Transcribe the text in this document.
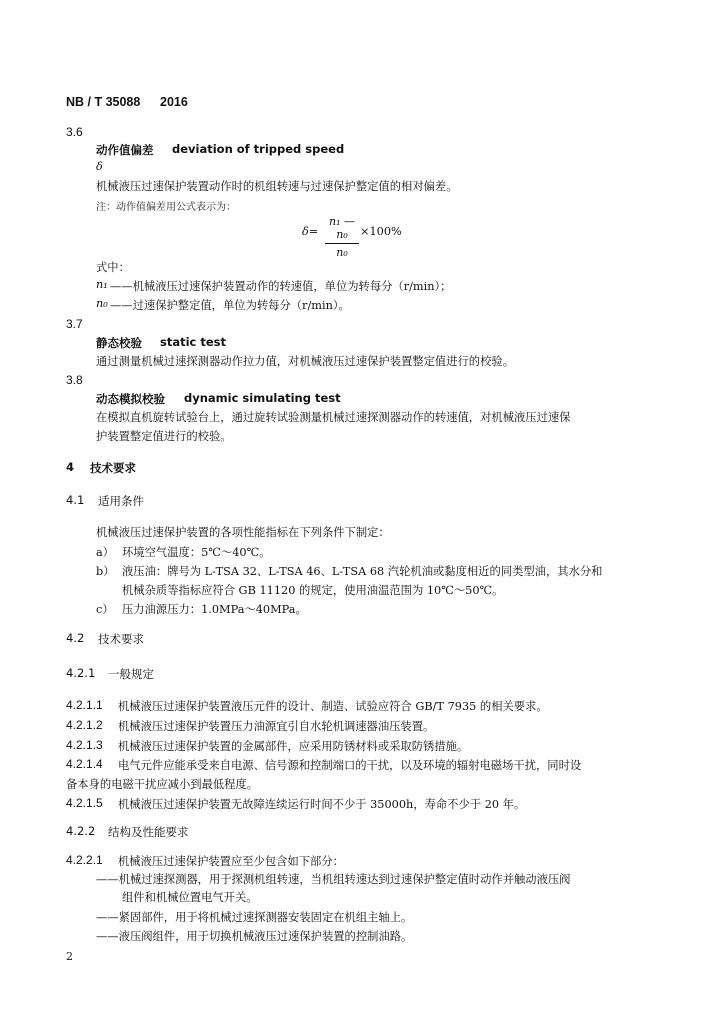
NB / T 35088 2016
3.6
动作值偏差 deviation of tripped speed
δ
机械液压过速保护装置动作时的机组转速与过速保护整定值的相对偏差。
注：动作值偏差用公式表示为：
δ=
n₁ — n₀
n₀
×100%
式中：
n₁ ——机械液压过速保护装置动作的转速值，单位为转每分（r/min）；
n₀ ——过速保护整定值，单位为转每分（r/min）。
3.7
静态校验 static test
通过测量机械过速探测器动作拉力值，对机械液压过速保护装置整定值进行的校验。
3.8
动态模拟校验 dynamic simulating test
在模拟直机旋转试验台上，通过旋转试验测量机械过速探测器动作的转速值，对机械液压过速保
护装置整定值进行的校验。
4 技术要求
4.1 适用条件
机械液压过速保护装置的各项性能指标在下列条件下制定：
a） 环境空气温度：5℃～40℃。
b） 液压油：牌号为 L-TSA 32、L-TSA 46、L-TSA 68 汽轮机油或黏度相近的同类型油，其水分和
机械杂质等指标应符合 GB 11120 的规定，使用油温范围为 10℃～50℃。
c） 压力油源压力：1.0MPa～40MPa。
4.2 技术要求
4.2.1 一般规定
4.2.1.1 机械液压过速保护装置液压元件的设计、制造、试验应符合 GB/T 7935 的相关要求。
4.2.1.2 机械液压过速保护装置压力油源宜引自水轮机调速器油压装置。
4.2.1.3 机械液压过速保护装置的金属部件，应采用防锈材料或采取防锈措施。
4.2.1.4 电气元件应能承受来自电源、信号源和控制端口的干扰，以及环境的辐射电磁场干扰，同时设
备本身的电磁干扰应减小到最低程度。
4.2.1.5 机械液压过速保护装置无故障连续运行时间不少于 35000h，寿命不少于 20 年。
4.2.2 结构及性能要求
4.2.2.1 机械液压过速保护装置应至少包含如下部分：
——机械过速探测器，用于探测机组转速，当机组转速达到过速保护整定值时动作并触动液压阀
组件和机械位置电气开关。
——紧固部件，用于将机械过速探测器安装固定在机组主轴上。
——液压阀组件，用于切换机械液压过速保护装置的控制油路。
2
